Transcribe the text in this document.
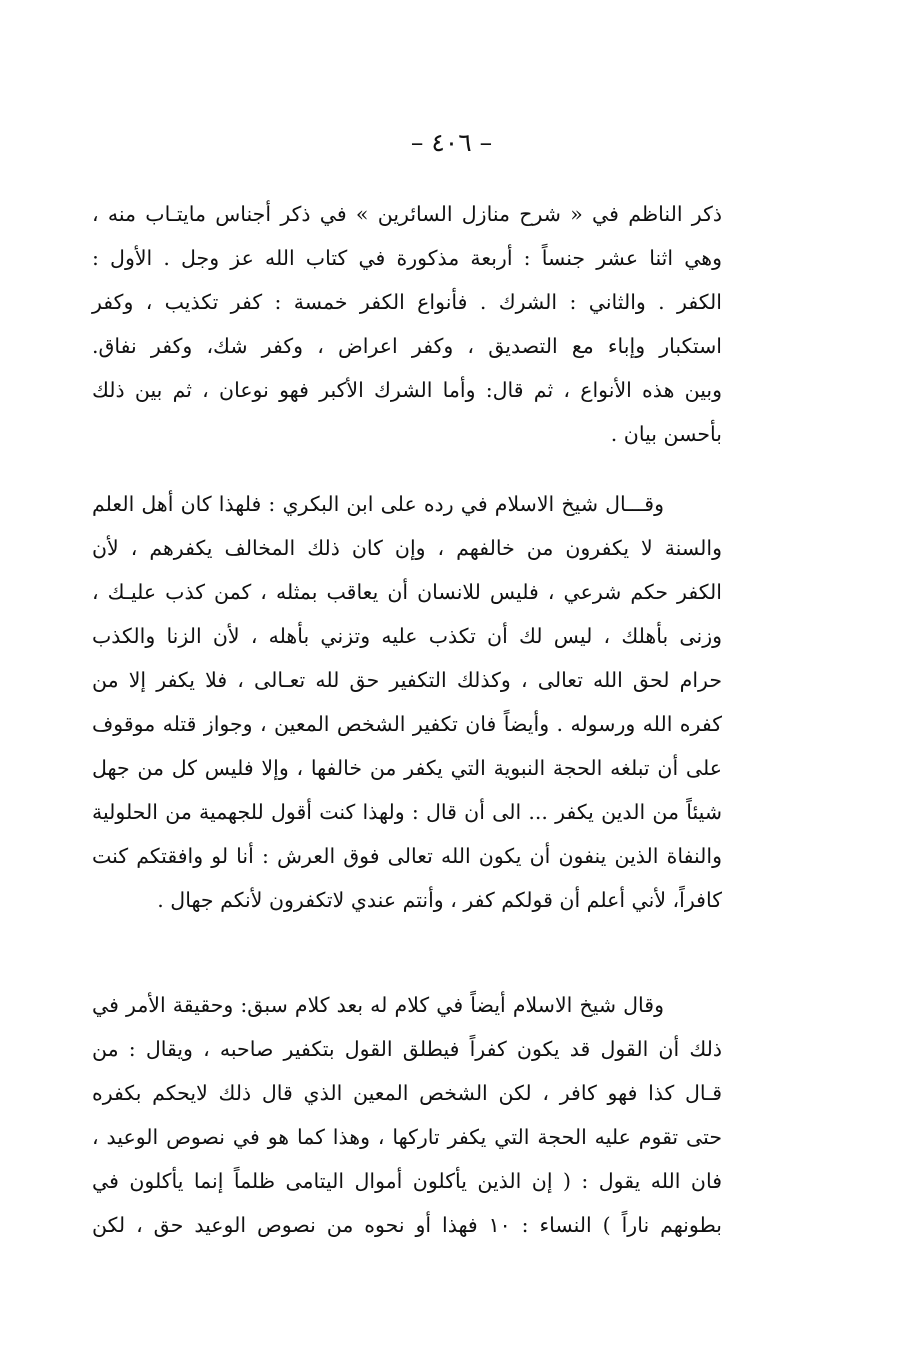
– ٤٠٦ –
ذكر الناظم في « شرح منازل السائرين » في ذكر أجناس مايتـاب منه ،
وهي اثنا عشر جنساً : أربعة مذكورة في كتاب الله عز وجل . الأول :
الكفر . والثاني : الشرك . فأنواع الكفر خمسة : كفر تكذيب ، وكفر
استكبار وإباء مع التصديق ، وكفر اعراض ، وكفر شك، وكفر نفاق.
وبين هذه الأنواع ، ثم قال: وأما الشرك الأكبر فهو نوعان ، ثم بين ذلك
بأحسن بيان .
وقـــال شيخ الاسلام في رده على ابن البكري : فلهذا كان أهل العلم
والسنة لا يكفرون من خالفهم ، وإن كان ذلك المخالف يكفرهم ، لأن
الكفر حكم شرعي ، فليس للانسان أن يعاقب بمثله ، كمن كذب عليـك ،
وزنى بأهلك ، ليس لك أن تكذب عليه وتزني بأهله ، لأن الزنا والكذب
حرام لحق الله تعالى ، وكذلك التكفير حق لله تعـالى ، فلا يكفر إلا من
كفره الله ورسوله . وأيضاً فان تكفير الشخص المعين ، وجواز قتله موقوف
على أن تبلغه الحجة النبوية التي يكفر من خالفها ، وإلا فليس كل من جهل
شيئاً من الدين يكفر ... الى أن قال : ولهذا كنت أقول للجهمية من الحلولية
والنفاة الذين ينفون أن يكون الله تعالى فوق العرش : أنا لو وافقتكم كنت
كافراً، لأني أعلم أن قولكم كفر ، وأنتم عندي لاتكفرون لأنكم جهال .
وقال شيخ الاسلام أيضاً في كلام له بعد كلام سبق: وحقيقة الأمر في
ذلك أن القول قد يكون كفراً فيطلق القول بتكفير صاحبه ، ويقال : من
قـال كذا فهو كافر ، لكن الشخص المعين الذي قال ذلك لايحكم بكفره
حتى تقوم عليه الحجة التي يكفر تاركها ، وهذا كما هو في نصوص الوعيد ،
فان الله يقول : ( إن الذين يأكلون أموال اليتامى ظلماً إنما يأكلون في
بطونهم ناراً ) النساء : ١٠ فهذا أو نحوه من نصوص الوعيد حق ، لكن
